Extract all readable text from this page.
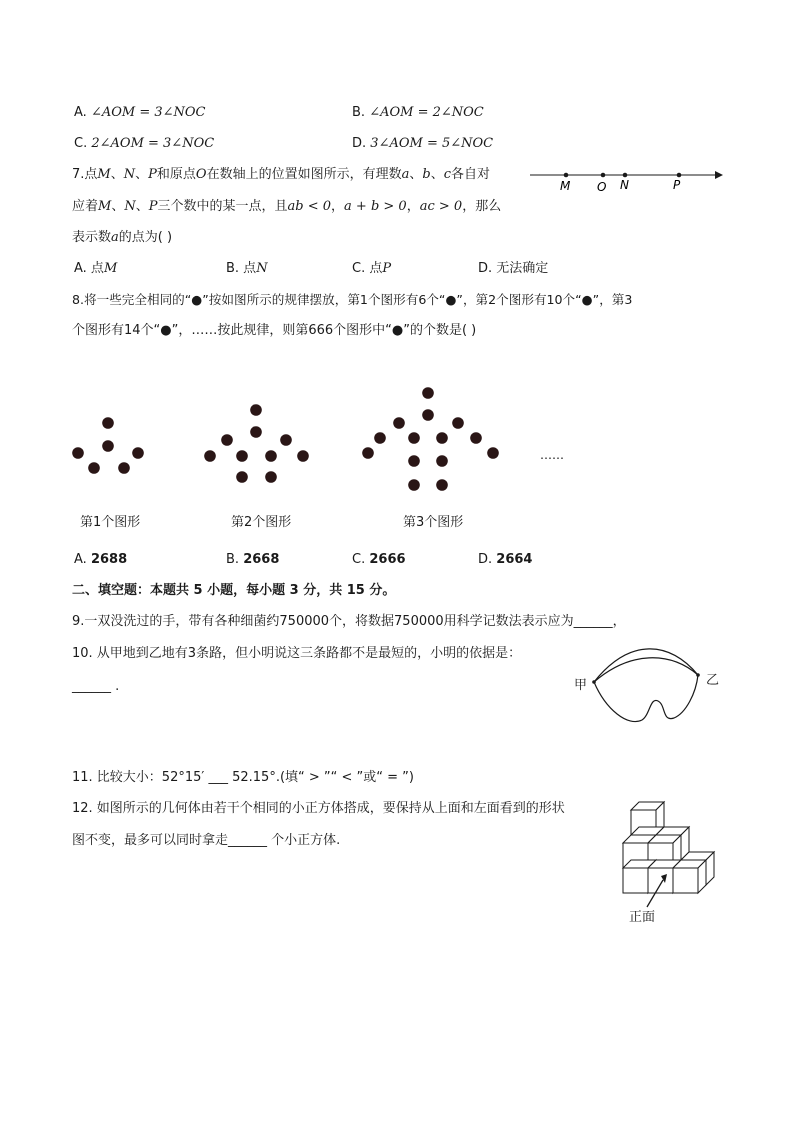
A. ∠AOM = 3∠NOC	B. ∠AOM = 2∠NOC
C. 2∠AOM = 3∠NOC	D. 3∠AOM = 5∠NOC
7.点M、N、P和原点O在数轴上的位置如图所示，有理数a、b、c各自对
应着M、N、P三个数中的某一点，且ab < 0，a + b > 0，ac > 0，那么
表示数a的点为( )
M O N	P
A. 点M	B. 点N	C. 点P	D. 无法确定
8.将一些完全相同的“●”按如图所示的规律摆放，第1个图形有6个“●”，第2个图形有10个“●”，第3
个图形有14个“●”，……按此规律，则第666个图形中“●”的个数是( )
……
第1个图形	第2个图形	第3个图形
A. 2688	B. 2668	C. 2666	D. 2664
二、填空题：本题共 5 小题，每小题 3 分，共 15 分。
9.一双没洗过的手，带有各种细菌约750000个，将数据750000用科学记数法表示应为______，
10. 从甲地到乙地有3条路，但小明说这三条路都不是最短的，小明的依据是：
______ .	甲	乙
11. 比较大小：52°15′ ___ 52.15°.(填“ > ”“ < ”或“ = ”)
12. 如图所示的几何体由若干个相同的小正方体搭成，要保持从上面和左面看到的形状
图不变，最多可以同时拿走______ 个小正方体.
正面
